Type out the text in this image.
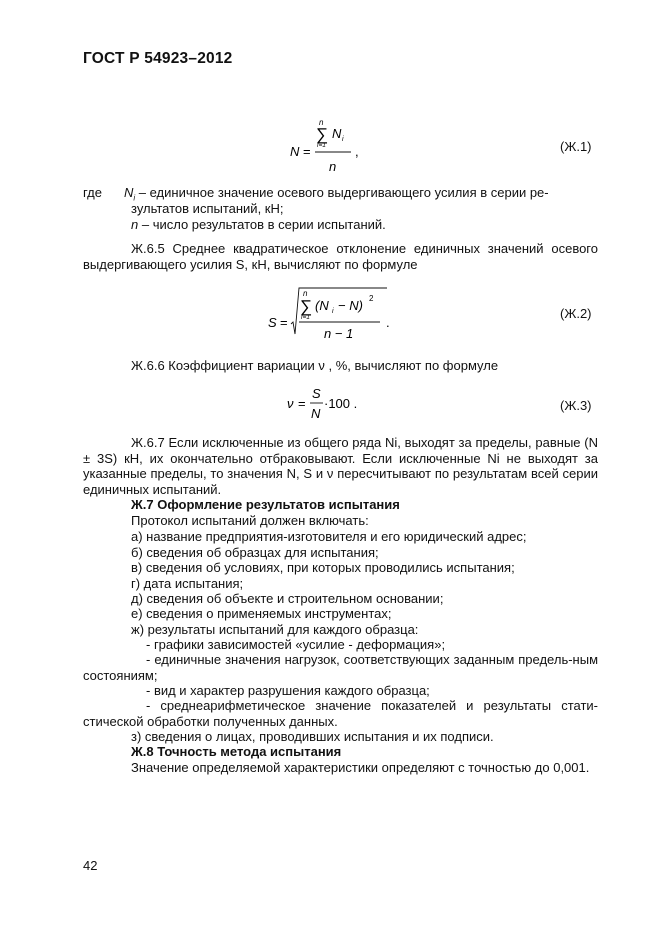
ГОСТ Р 54923–2012
N =
n
∑
i=1
N i
n
,	(Ж.1)
где $N_i$ – единичное значение осевого выдергивающего усилия в серии ре-
зультатов испытаний, кН;
n – число результатов в серии испытаний.
Ж.6.5 Среднее квадратическое отклонение единичных значений осевого выдергивающего усилия S, кН, вычисляют по формуле
S =
n
∑
i=1
(N i − N) 2
n − 1
.
(Ж.2)
Ж.6.6 Коэффициент вариации ν , %, вычисляют по формуле
ν =
S
N
·100 .	(Ж.3)
Ж.6.7 Если исключенные из общего ряда Ni, выходят за пределы, равные (N ± 3S) кН, их окончательно отбраковывают. Если исключенные Ni не выходят за указанные пределы, то значения N, S и ν пересчитывают по результатам всей серии единичных испытаний.
Ж.7 Оформление результатов испытания
Протокол испытаний должен включать:
а) название предприятия-изготовителя и его юридический адрес;
б) сведения об образцах для испытания;
в) сведения об условиях, при которых проводились испытания;
г) дата испытания;
д) сведения об объекте и строительном основании;
е) сведения о применяемых инструментах;
ж) результаты испытаний для каждого образца:
- графики зависимостей «усилие - деформация»;
- единичные значения нагрузок, соответствующих заданным предель-ным состояниям;
- вид и характер разрушения каждого образца;
- среднеарифметическое значение показателей и результаты стати-стической обработки полученных данных.
з) сведения о лицах, проводивших испытания и их подписи.
Ж.8 Точность метода испытания
Значение определяемой характеристики определяют с точностью до 0,001.
42
